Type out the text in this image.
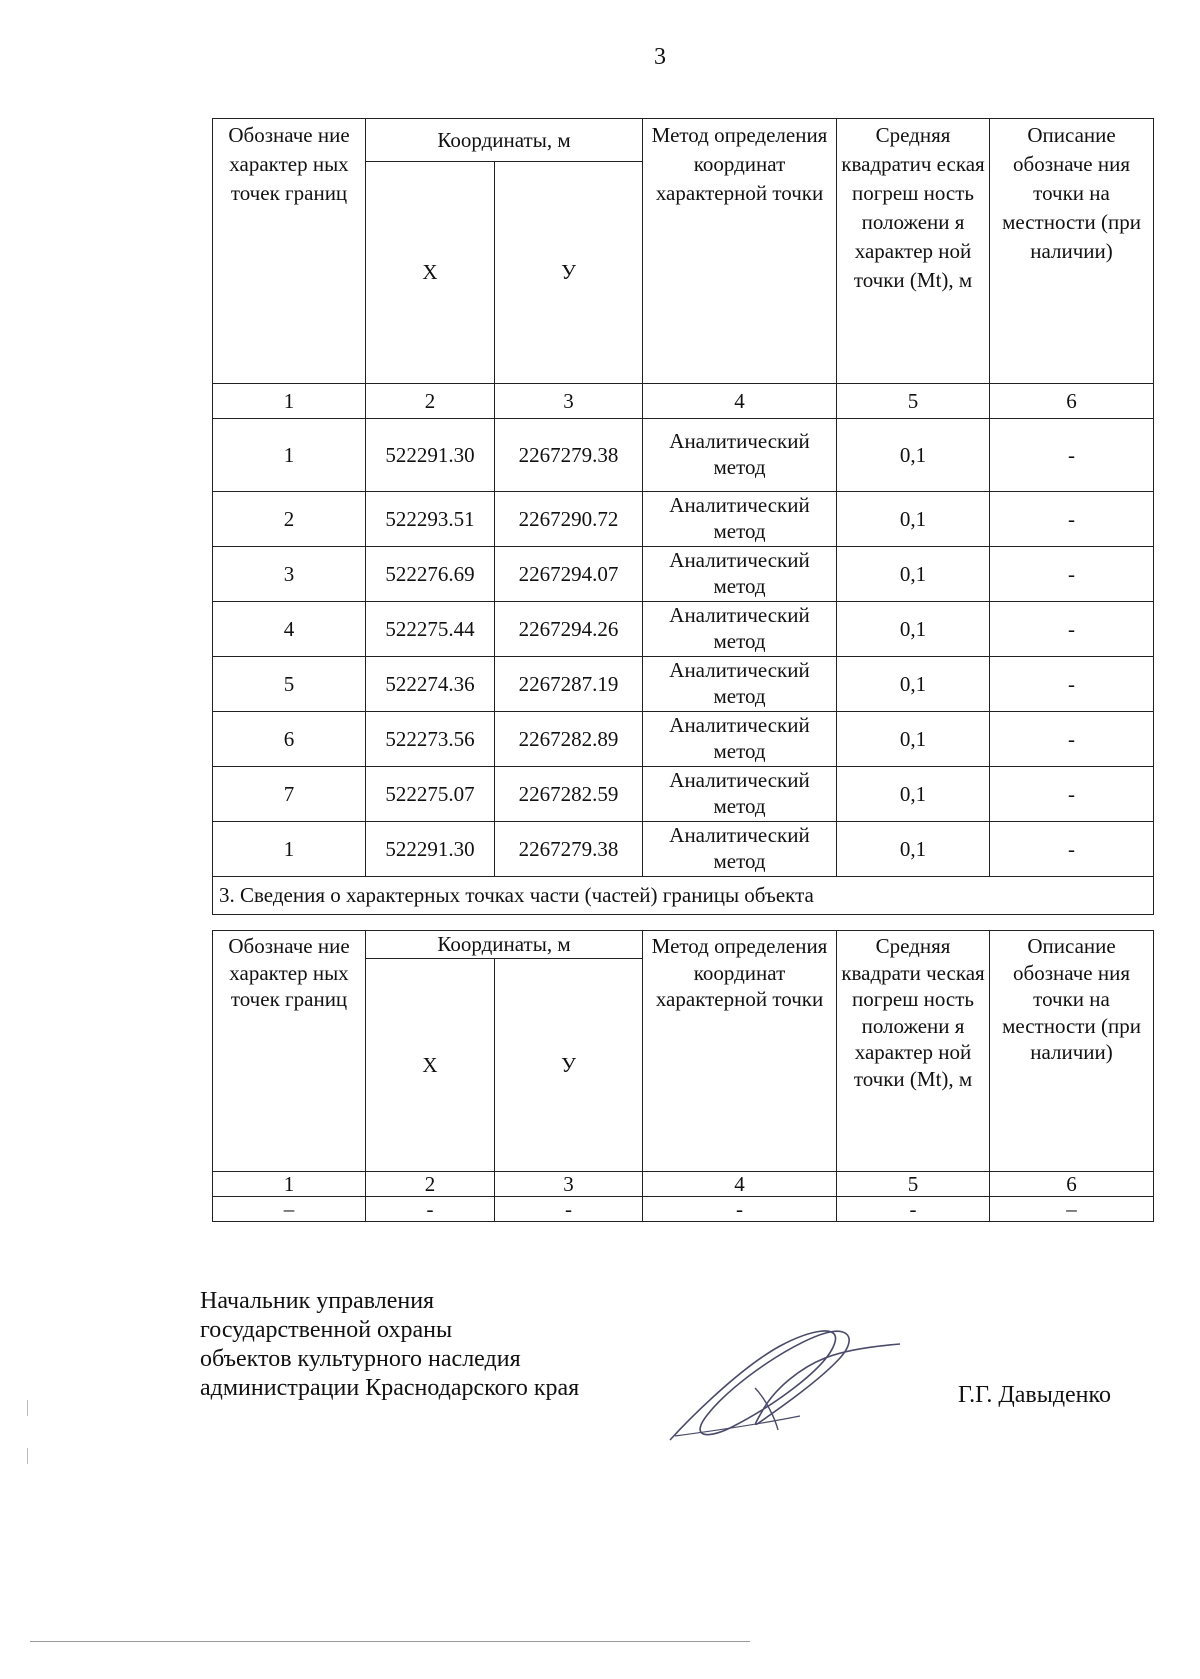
3
Обозначе ние характер ных точек границ	Координаты, м		Метод определения координат характерной точки	Средняя квадратич еская погреш ность положени я характер ной точки (Mt), м	Описание обозначе ния точки на местности (при наличии)
	Х	У			
1	2	3	4	5	6
1	522291.30	2267279.38	Аналитический метод	0,1	-
2	522293.51	2267290.72	Аналитический метод	0,1	-
3	522276.69	2267294.07	Аналитический метод	0,1	-
4	522275.44	2267294.26	Аналитический метод	0,1	-
5	522274.36	2267287.19	Аналитический метод	0,1	-
6	522273.56	2267282.89	Аналитический метод	0,1	-
7	522275.07	2267282.59	Аналитический метод	0,1	-
1	522291.30	2267279.38	Аналитический метод	0,1	-
3. Сведения о характерных точках части (частей) границы объекта					
Обозначе ние характер ных точек границ	Координаты, м		Метод определения координат характерной точки	Средняя квадрати ческая погреш ность положени я характер ной точки (Mt), м	Описание обозначе ния точки на местности (при наличии)
	Х	У			
1	2	3	4	5	6
–	-	-	-	-	–
Начальник управления
государственной охраны
объектов культурного наследия
администрации Краснодарского края	Г.Г. Давыденко
